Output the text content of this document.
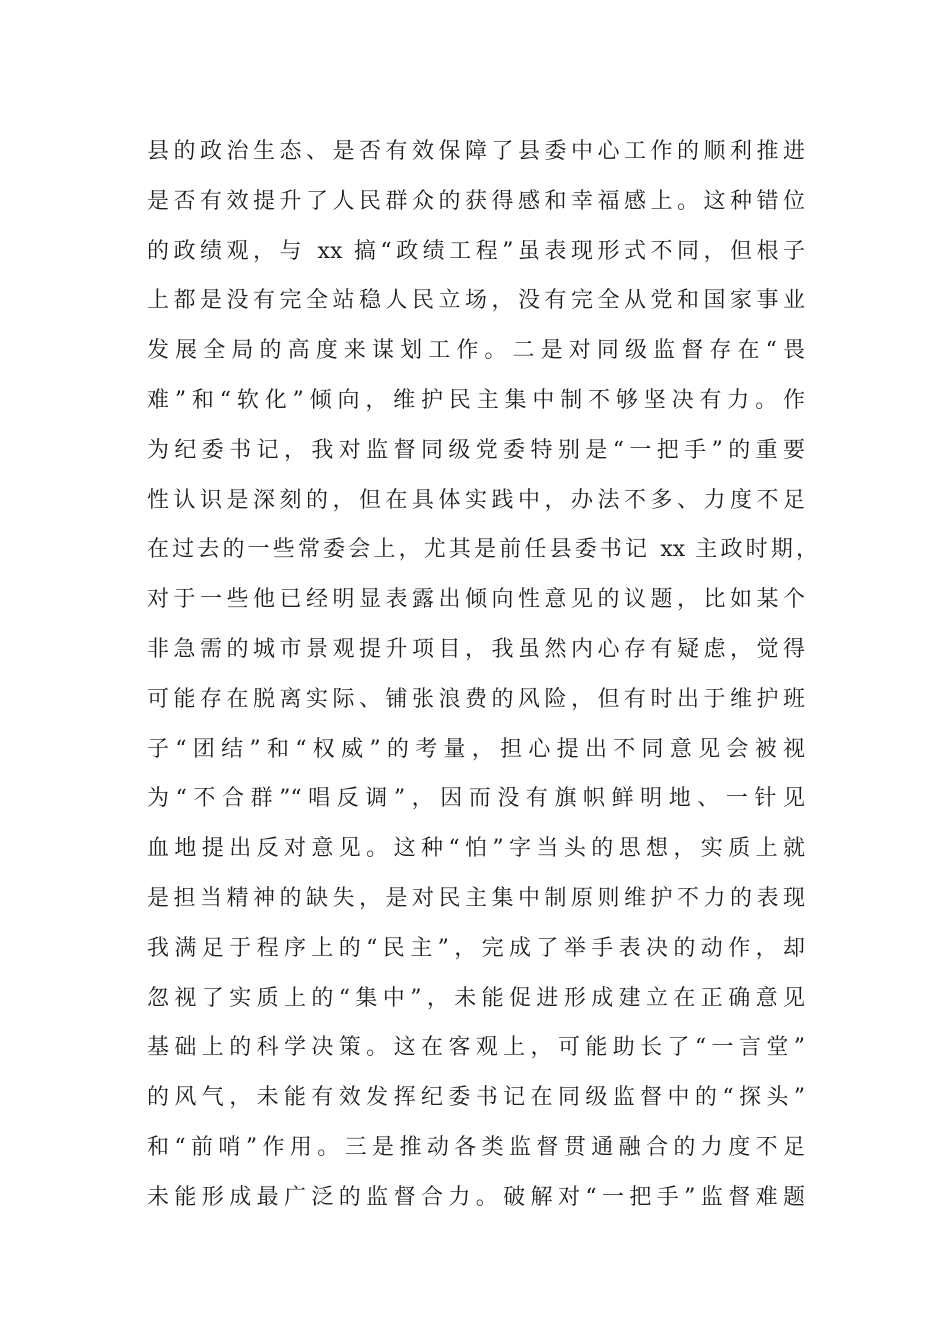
县的政治生态、是否有效保障了县委中心工作的顺利推进
是否有效提升了人民群众的获得感和幸福感上。这种错位
的政绩观，与 xx 搞“政绩工程”虽表现形式不同，但根子
上都是没有完全站稳人民立场，没有完全从党和国家事业
发展全局的高度来谋划工作。二是对同级监督存在“畏
难”和“软化”倾向，维护民主集中制不够坚决有力。作
为纪委书记，我对监督同级党委特别是“一把手”的重要
性认识是深刻的，但在具体实践中，办法不多、力度不足
在过去的一些常委会上，尤其是前任县委书记 xx 主政时期，
对于一些他已经明显表露出倾向性意见的议题，比如某个
非急需的城市景观提升项目，我虽然内心存有疑虑，觉得
可能存在脱离实际、铺张浪费的风险，但有时出于维护班
子“团结”和“权威”的考量，担心提出不同意见会被视
为“不合群”“唱反调”，因而没有旗帜鲜明地、一针见
血地提出反对意见。这种“怕”字当头的思想，实质上就
是担当精神的缺失，是对民主集中制原则维护不力的表现
我满足于程序上的“民主”，完成了举手表决的动作，却
忽视了实质上的“集中”，未能促进形成建立在正确意见
基础上的科学决策。这在客观上，可能助长了“一言堂”
的风气，未能有效发挥纪委书记在同级监督中的“探头”
和“前哨”作用。三是推动各类监督贯通融合的力度不足
未能形成最广泛的监督合力。破解对“一把手”监督难题
